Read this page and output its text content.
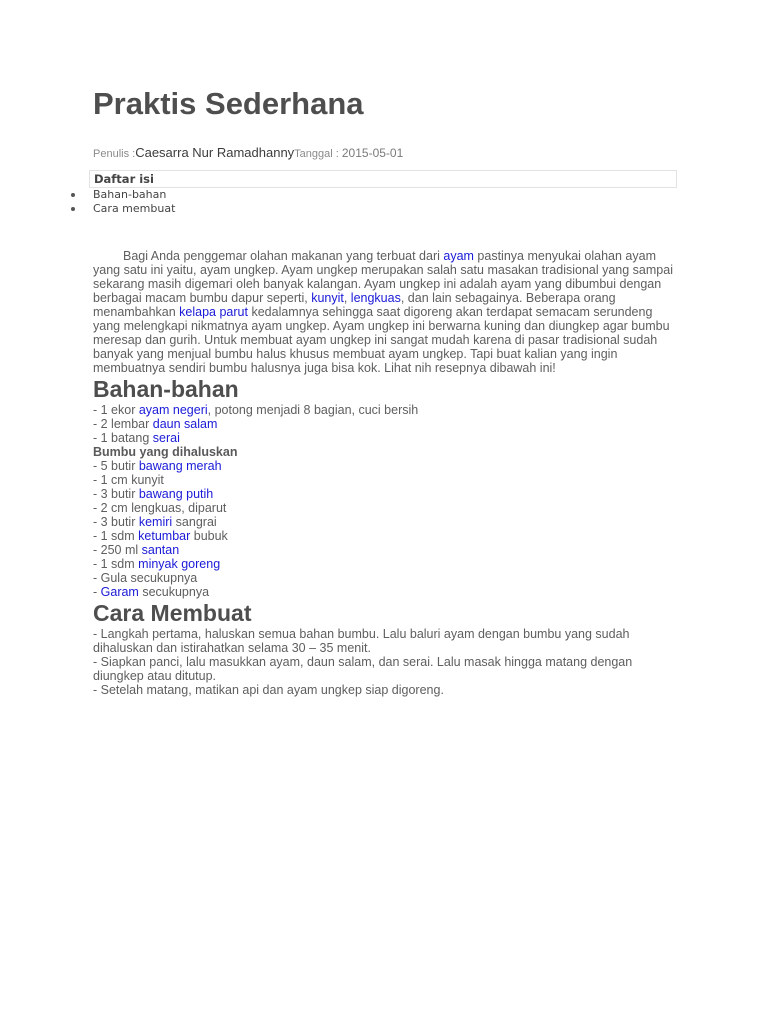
Praktis Sederhana
Penulis :Caesarra Nur RamadhannyTanggal : 2015-05-01
Daftar isi
Bahan-bahan
Cara membuat

Bagi Anda penggemar olahan makanan yang terbuat dari ayam pastinya menyukai olahan ayam yang satu ini yaitu, ayam ungkep. Ayam ungkep merupakan salah satu masakan tradisional yang sampai sekarang masih digemari oleh banyak kalangan. Ayam ungkep ini adalah ayam yang dibumbui dengan berbagai macam bumbu dapur seperti, kunyit, lengkuas, dan lain sebagainya. Beberapa orang menambahkan kelapa parut kedalamnya sehingga saat digoreng akan terdapat semacam serundeng yang melengkapi nikmatnya ayam ungkep. Ayam ungkep ini berwarna kuning dan diungkep agar bumbu meresap dan gurih. Untuk membuat ayam ungkep ini sangat mudah karena di pasar tradisional sudah banyak yang menjual bumbu halus khusus membuat ayam ungkep. Tapi buat kalian yang ingin membuatnya sendiri bumbu halusnya juga bisa kok. Lihat nih resepnya dibawah ini!

Bahan-bahan
- 1 ekor ayam negeri, potong menjadi 8 bagian, cuci bersih
- 2 lembar daun salam
- 1 batang serai
Bumbu yang dihaluskan
- 5 butir bawang merah
- 1 cm kunyit
- 3 butir bawang putih
- 2 cm lengkuas, diparut
- 3 butir kemiri sangrai
- 1 sdm ketumbar bubuk
- 250 ml santan
- 1 sdm minyak goreng
- Gula secukupnya
- Garam secukupnya
Cara Membuat
- Langkah pertama, haluskan semua bahan bumbu. Lalu baluri ayam dengan bumbu yang sudah dihaluskan dan istirahatkan selama 30 – 35 menit.
- Siapkan panci, lalu masukkan ayam, daun salam, dan serai. Lalu masak hingga matang dengan diungkep atau ditutup.
- Setelah matang, matikan api dan ayam ungkep siap digoreng.
